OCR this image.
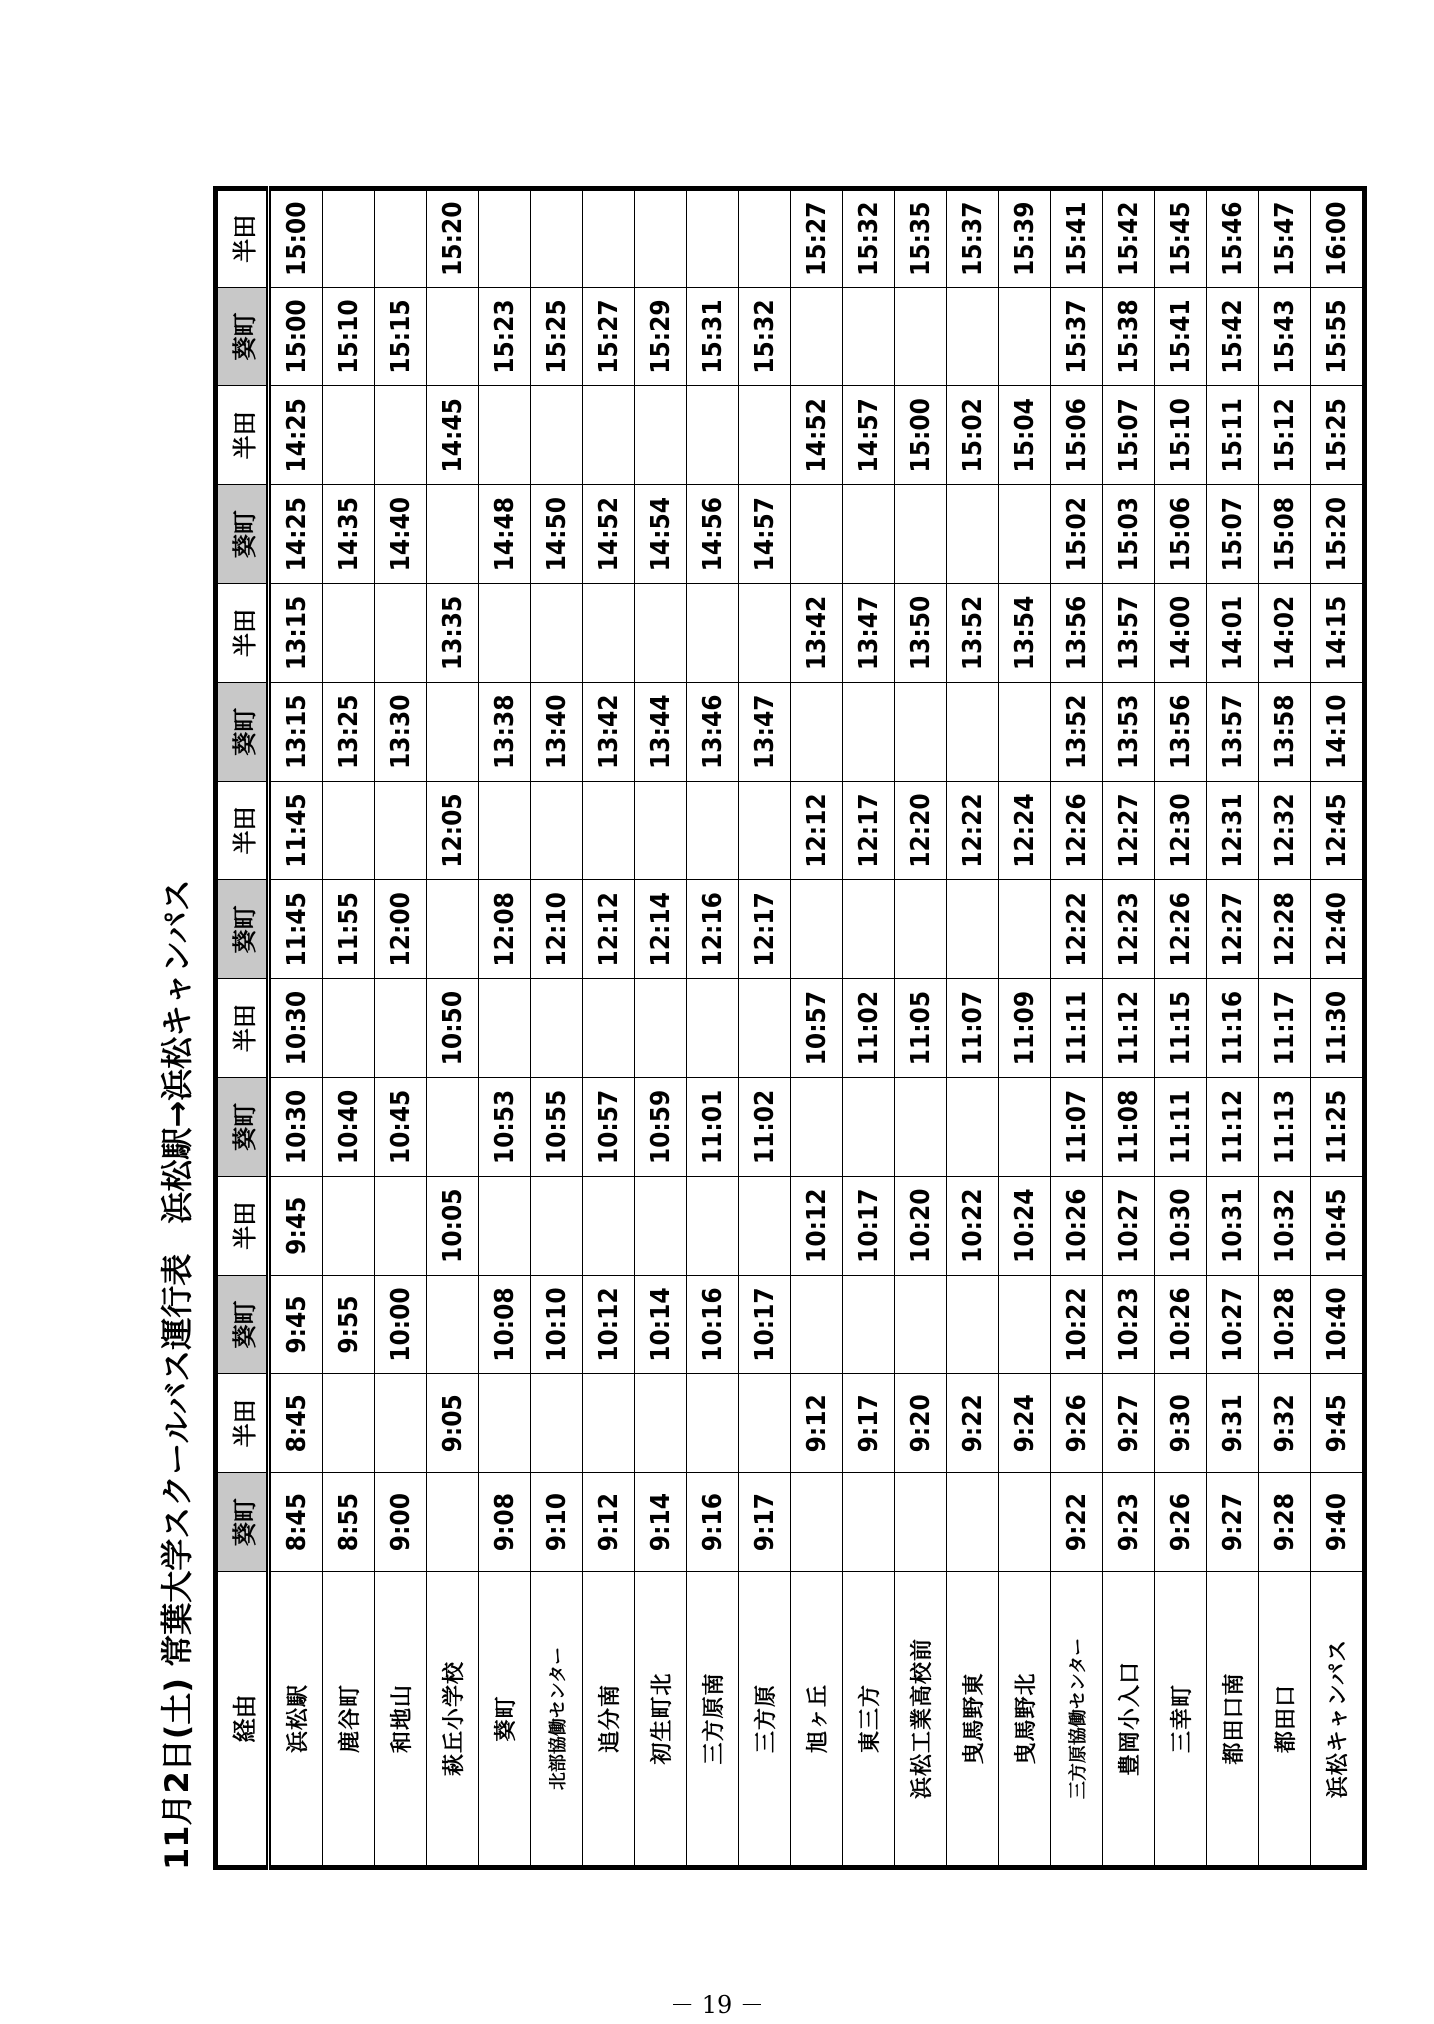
11月2日(土) 常葉大学スクールバス運行表浜松駅→浜松キャンパス
経由	葵町	半田	葵町	半田	葵町	半田	葵町	半田	葵町	半田	葵町	半田	葵町	半田
浜松駅	8:45	8:45	9:45	9:45	10:30	10:30	11:45	11:45	13:15	13:15	14:25	14:25	15:00	15:00
鹿谷町	8:55		9:55		10:40		11:55		13:25		14:35		15:10	
和地山	9:00		10:00		10:45		12:00		13:30		14:40		15:15	
萩丘小学校		9:05		10:05		10:50		12:05		13:35		14:45		15:20
葵町	9:08		10:08		10:53		12:08		13:38		14:48		15:23	
北部協働センター	9:10		10:10		10:55		12:10		13:40		14:50		15:25	
追分南	9:12		10:12		10:57		12:12		13:42		14:52		15:27	
初生町北	9:14		10:14		10:59		12:14		13:44		14:54		15:29	
三方原南	9:16		10:16		11:01		12:16		13:46		14:56		15:31	
三方原	9:17		10:17		11:02		12:17		13:47		14:57		15:32	
旭ヶ丘		9:12		10:12		10:57		12:12		13:42		14:52		15:27
東三方		9:17		10:17		11:02		12:17		13:47		14:57		15:32
浜松工業高校前		9:20		10:20		11:05		12:20		13:50		15:00		15:35
曳馬野東		9:22		10:22		11:07		12:22		13:52		15:02		15:37
曳馬野北		9:24		10:24		11:09		12:24		13:54		15:04		15:39
三方原協働センター	9:22	9:26	10:22	10:26	11:07	11:11	12:22	12:26	13:52	13:56	15:02	15:06	15:37	15:41
豊岡小入口	9:23	9:27	10:23	10:27	11:08	11:12	12:23	12:27	13:53	13:57	15:03	15:07	15:38	15:42
三幸町	9:26	9:30	10:26	10:30	11:11	11:15	12:26	12:30	13:56	14:00	15:06	15:10	15:41	15:45
都田口南	9:27	9:31	10:27	10:31	11:12	11:16	12:27	12:31	13:57	14:01	15:07	15:11	15:42	15:46
都田口	9:28	9:32	10:28	10:32	11:13	11:17	12:28	12:32	13:58	14:02	15:08	15:12	15:43	15:47
浜松キャンパス	9:40	9:45	10:40	10:45	11:25	11:30	12:40	12:45	14:10	14:15	15:20	15:25	15:55	16:00
－ 19 －
